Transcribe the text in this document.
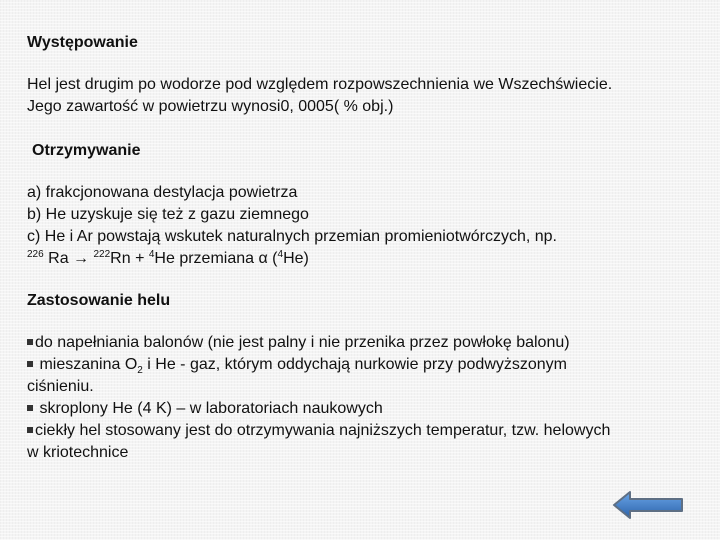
Występowanie
Hel jest drugim po wodorze pod względem rozpowszechnienia we Wszechświecie.
Jego zawartość w powietrzu wynosi0, 0005( % obj.)
Otrzymywanie
a) frakcjonowana destylacja powietrza
b) He uzyskuje się też z gazu ziemnego
c) He i Ar powstają wskutek naturalnych przemian promieniotwórczych, np.
$^{226}$ Ra → $^{222}$Rn + $^4$He przemiana α ($^4$He)
Zastosowanie helu
do napełniania balonów (nie jest palny i nie przenika przez powłokę balonu)
mieszanina $O_2$ i He - gaz, którym oddychają nurkowie przy podwyższonym
ciśnieniu.
skroplony He (4 K) – w laboratoriach naukowych
ciekły hel stosowany jest do otrzymywania najniższych temperatur, tzw. helowych
w kriotechnice
